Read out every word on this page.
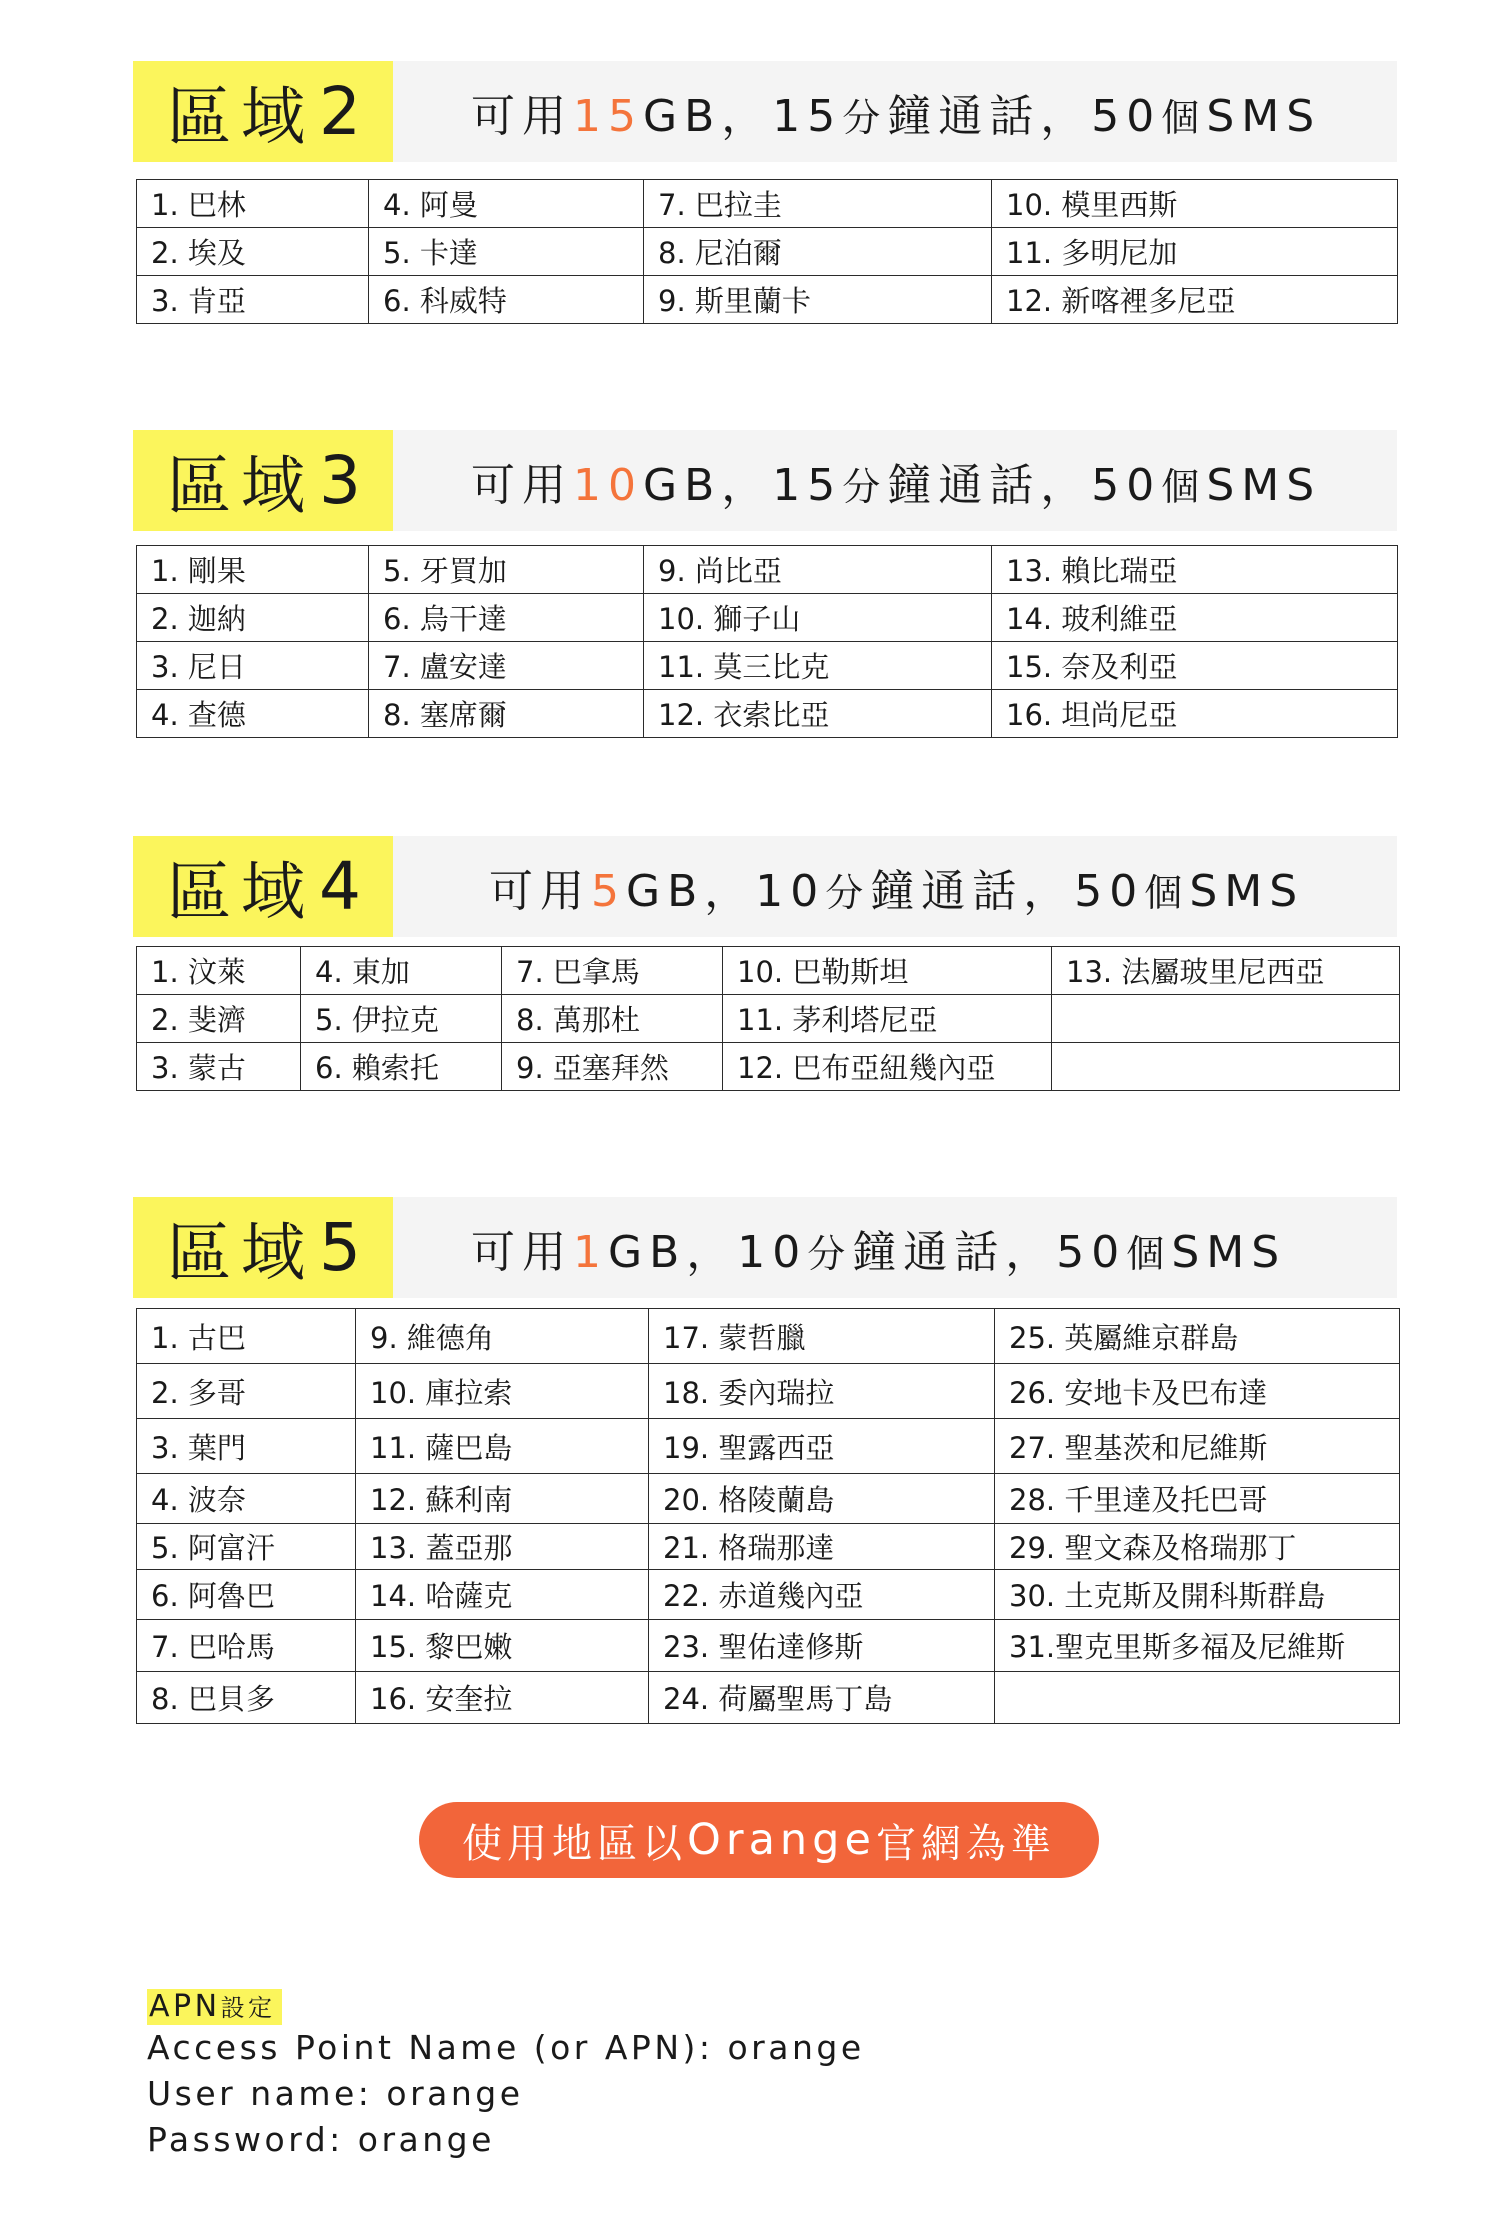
區域 2	可用15GB，15分鐘通話，50個SMS
1. 巴林	4. 阿曼	7. 巴拉圭	10. 模里西斯
2. 埃及	5. 卡達	8. 尼泊爾	11. 多明尼加
3. 肯亞	6. 科威特	9. 斯里蘭卡	12. 新喀裡多尼亞
區域 3	可用10GB，15分鐘通話，50個SMS
1. 剛果	5. 牙買加	9. 尚比亞	13. 賴比瑞亞
2. 迦納	6. 烏干達	10. 獅子山	14. 玻利維亞
3. 尼日	7. 盧安達	11. 莫三比克	15. 奈及利亞
4. 查德	8. 塞席爾	12. 衣索比亞	16. 坦尚尼亞
區域 4	可用5GB，10分鐘通話，50個SMS
1. 汶萊	4. 東加	7. 巴拿馬	10. 巴勒斯坦	13. 法屬玻里尼西亞
2. 斐濟	5. 伊拉克	8. 萬那杜	11. 茅利塔尼亞	
3. 蒙古	6. 賴索托	9. 亞塞拜然	12. 巴布亞紐幾內亞	
區域 5	可用1GB，10分鐘通話，50個SMS
1. 古巴	9. 維德角	17. 蒙哲臘	25. 英屬維京群島
2. 多哥	10. 庫拉索	18. 委內瑞拉	26. 安地卡及巴布達
3. 葉門	11. 薩巴島	19. 聖露西亞	27. 聖基茨和尼維斯
4. 波奈	12. 蘇利南	20. 格陵蘭島	28. 千里達及托巴哥
5. 阿富汗	13. 蓋亞那	21. 格瑞那達	29. 聖文森及格瑞那丁
6. 阿魯巴	14. 哈薩克	22. 赤道幾內亞	30. 土克斯及開科斯群島
7. 巴哈馬	15. 黎巴嫩	23. 聖佑達修斯	31.聖克里斯多福及尼維斯
8. 巴貝多	16. 安奎拉	24. 荷屬聖馬丁島	
使用地區以 Orange 官網為準
APN設定
Access Point Name (or APN): orange
User name: orange
Password: orange
